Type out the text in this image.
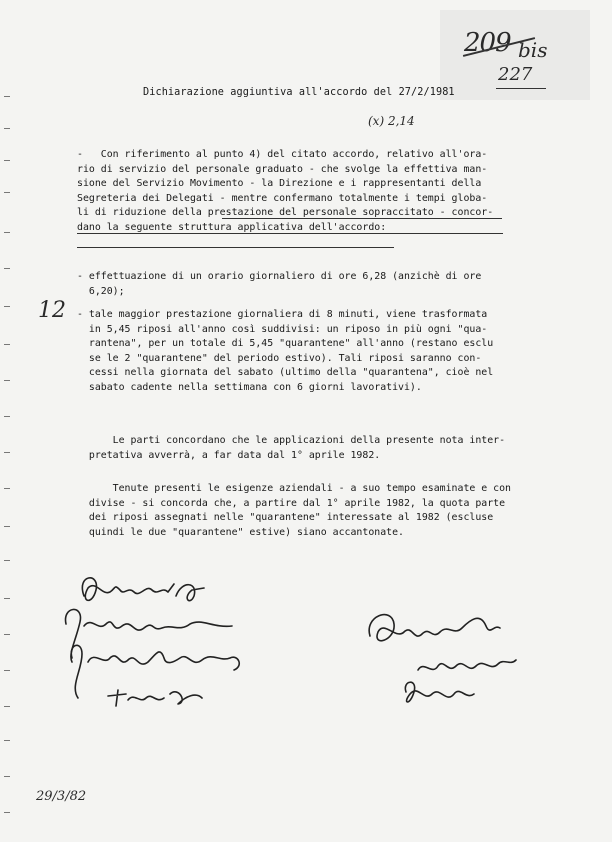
209 bis
227
Dichiarazione aggiuntiva all'accordo del 27/2/1981
(x) 2,14
-   Con riferimento al punto 4) del citato accordo, relativo all'ora-
rio di servizio del personale graduato - che svolge la effettiva man-
sione del Servizio Movimento - la Direzione e i rappresentanti della
Segreteria dei Delegati - mentre confermano totalmente i tempi globa-
li di riduzione della prestazione del personale sopraccitato - concor-
dano la seguente struttura applicativa dell'accordo:
- effettuazione di un orario giornaliero di ore 6,28 (anzichè di ore
6,20);
12 - tale maggior prestazione giornaliera di 8 minuti, viene trasformata
in 5,45 riposi all'anno così suddivisi: un riposo in più ogni "qua-
rantena", per un totale di 5,45 "quarantene" all'anno (restano esclu
se le 2 "quarantene" del periodo estivo). Tali riposi saranno con-
cessi nella giornata del sabato (ultimo della "quarantena", cioè nel
sabato cadente nella settimana con 6 giorni lavorativi).
Le parti concordano che le applicazioni della presente nota inter-
pretativa avverrà, a far data dal 1° aprile 1982.
Tenute presenti le esigenze aziendali - a suo tempo esaminate e con
divise - si concorda che, a partire dal 1° aprile 1982, la quota parte
dei riposi assegnati nelle "quarantene" interessate al 1982 (escluse
quindi le due "quarantene" estive) siano accantonate.
29/3/82
